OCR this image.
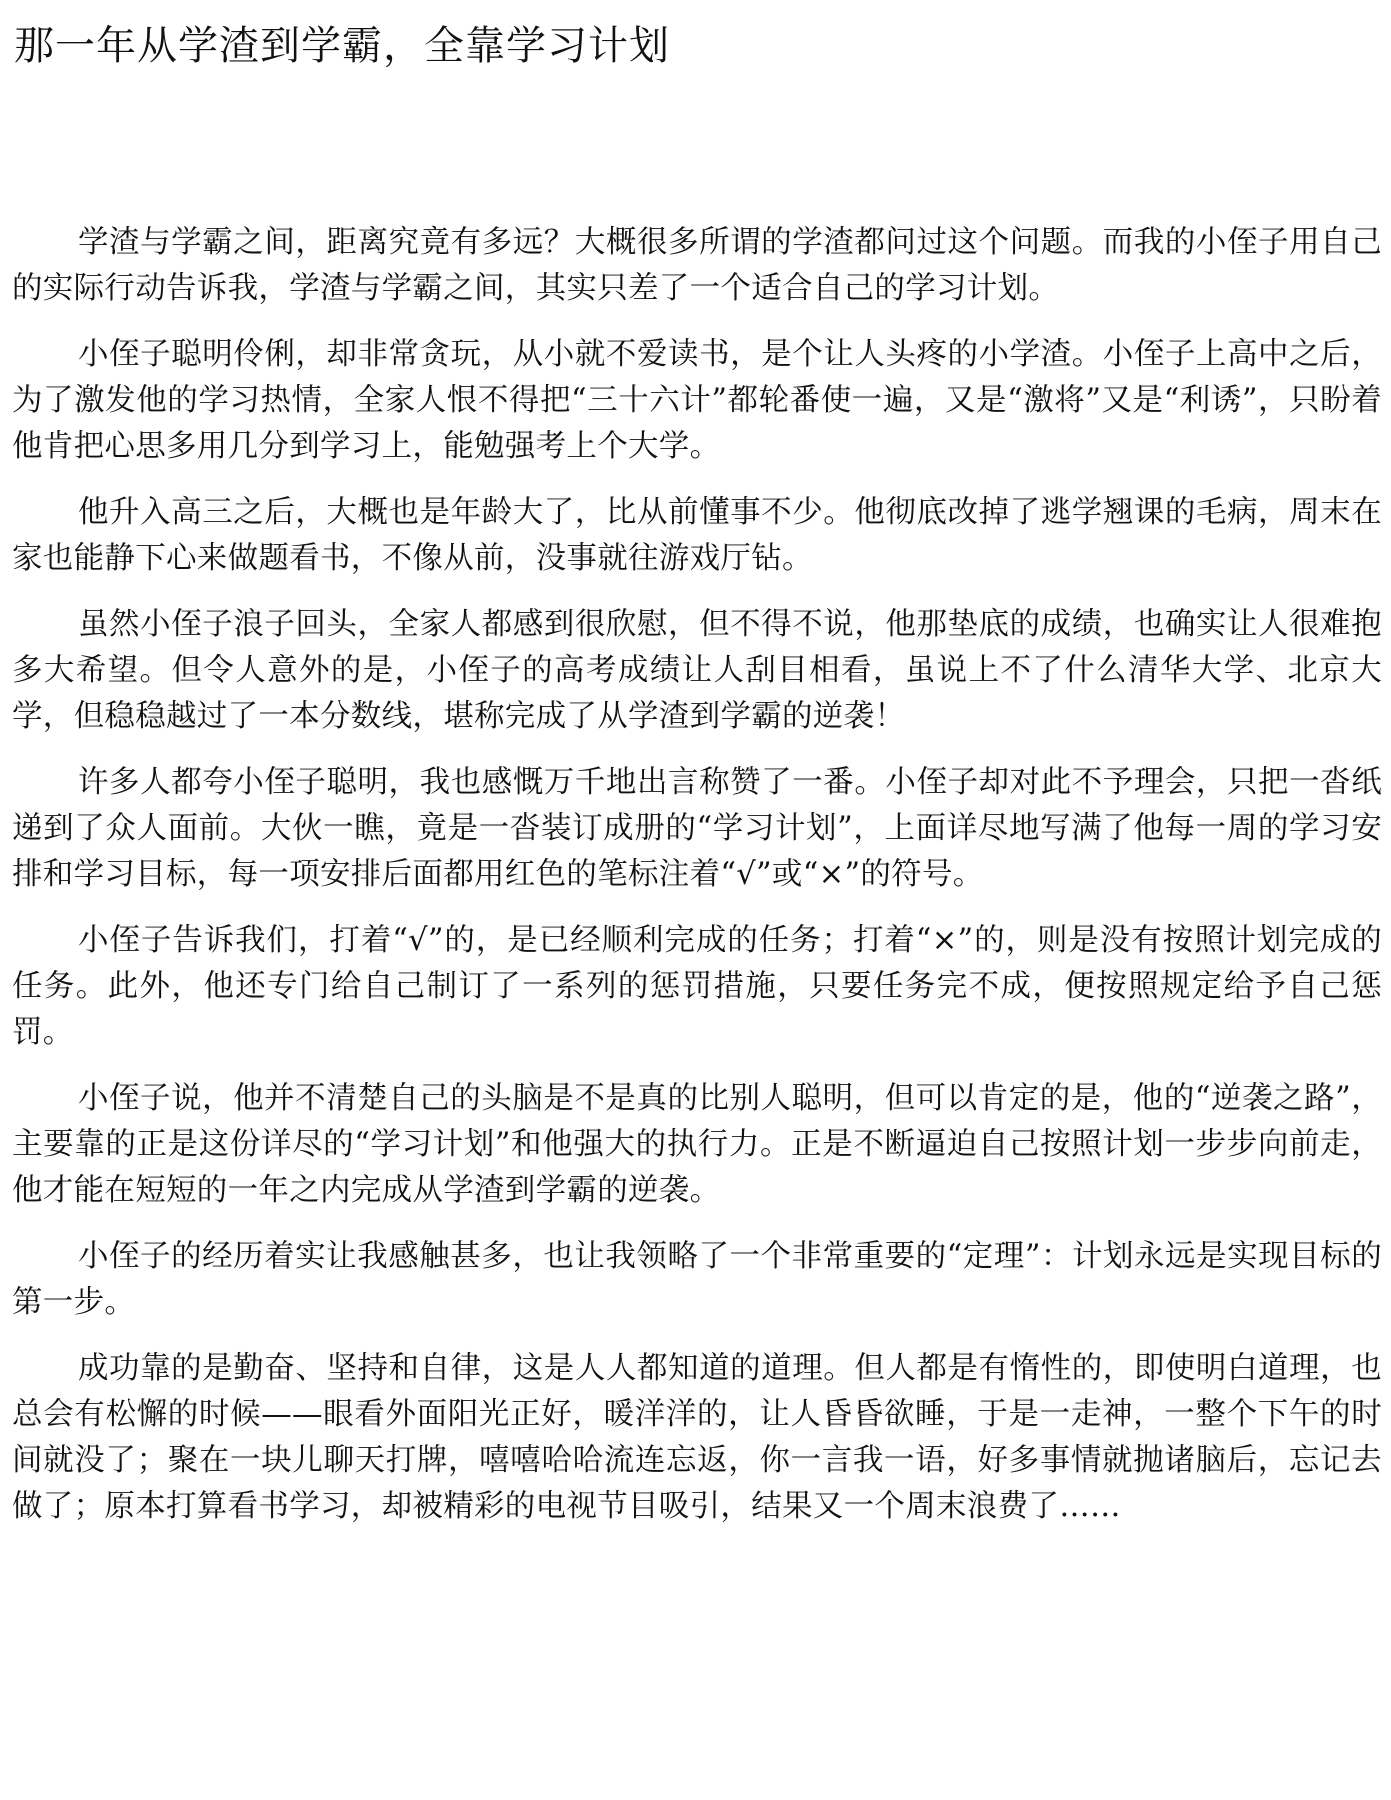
那一年从学渣到学霸，全靠学习计划

学渣与学霸之间，距离究竟有多远？大概很多所谓的学渣都问过这个问题。而我的小侄子用自己的实际行动告诉我，学渣与学霸之间，其实只差了一个适合自己的学习计划。

小侄子聪明伶俐，却非常贪玩，从小就不爱读书，是个让人头疼的小学渣。小侄子上高中之后，为了激发他的学习热情，全家人恨不得把“三十六计”都轮番使一遍，又是“激将”又是“利诱”，只盼着他肯把心思多用几分到学习上，能勉强考上个大学。

他升入高三之后，大概也是年龄大了，比从前懂事不少。他彻底改掉了逃学翘课的毛病，周末在家也能静下心来做题看书，不像从前，没事就往游戏厅钻。

虽然小侄子浪子回头，全家人都感到很欣慰，但不得不说，他那垫底的成绩，也确实让人很难抱多大希望。但令人意外的是，小侄子的高考成绩让人刮目相看，虽说上不了什么清华大学、北京大学，但稳稳越过了一本分数线，堪称完成了从学渣到学霸的逆袭！

许多人都夸小侄子聪明，我也感慨万千地出言称赞了一番。小侄子却对此不予理会，只把一沓纸递到了众人面前。大伙一瞧，竟是一沓装订成册的“学习计划”，上面详尽地写满了他每一周的学习安排和学习目标，每一项安排后面都用红色的笔标注着“√”或“×”的符号。

小侄子告诉我们，打着“√”的，是已经顺利完成的任务；打着“×”的，则是没有按照计划完成的任务。此外，他还专门给自己制订了一系列的惩罚措施，只要任务完不成，便按照规定给予自己惩罚。

小侄子说，他并不清楚自己的头脑是不是真的比别人聪明，但可以肯定的是，他的“逆袭之路”，主要靠的正是这份详尽的“学习计划”和他强大的执行力。正是不断逼迫自己按照计划一步步向前走，他才能在短短的一年之内完成从学渣到学霸的逆袭。

小侄子的经历着实让我感触甚多，也让我领略了一个非常重要的“定理”：计划永远是实现目标的第一步。

成功靠的是勤奋、坚持和自律，这是人人都知道的道理。但人都是有惰性的，即使明白道理，也总会有松懈的时候——眼看外面阳光正好，暖洋洋的，让人昏昏欲睡，于是一走神，一整个下午的时间就没了；聚在一块儿聊天打牌，嘻嘻哈哈流连忘返，你一言我一语，好多事情就抛诸脑后，忘记去做了；原本打算看书学习，却被精彩的电视节目吸引，结果又一个周末浪费了……
